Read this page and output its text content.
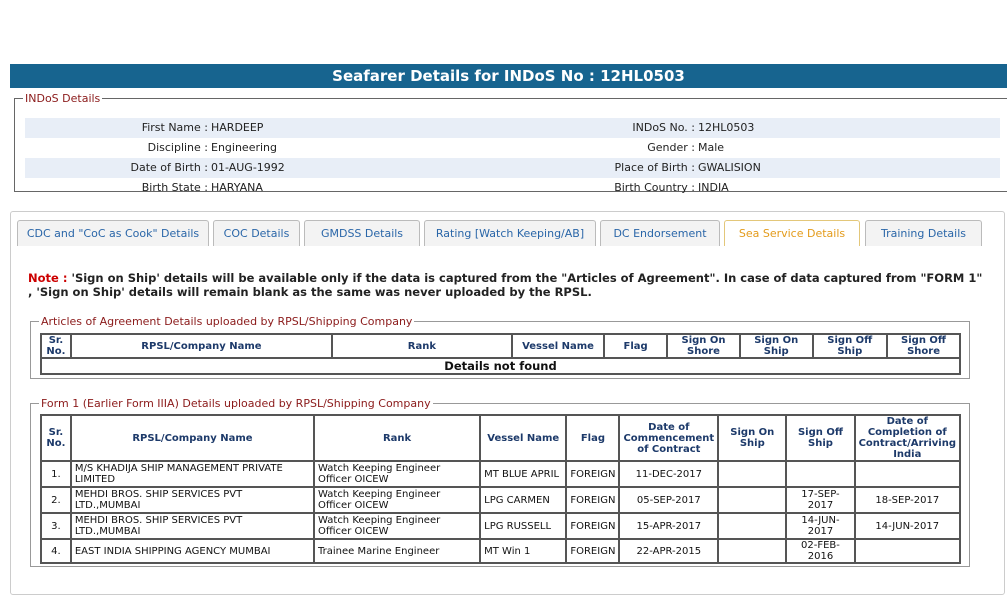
Seafarer Details for INDoS No : 12HL0503
INDoS Details
First Name : HARDEEP	INDoS No. : 12HL0503
Discipline : Engineering	Gender : Male
Date of Birth : 01-AUG-1992	Place of Birth : GWALISION
Birth State : HARYANA	Birth Country : INDIA
CDC and "CoC as Cook" Details	COC Details	GMDSS Details	Rating [Watch Keeping/AB]	DC Endorsement	Sea Service Details	Training Details
Note : 'Sign on Ship' details will be available only if the data is captured from the "Articles of Agreement". In case of data captured from "FORM 1" , 'Sign on Ship' details will remain blank as the same was never uploaded by the RPSL.
Articles of Agreement Details uploaded by RPSL/Shipping Company
Sr. No.	RPSL/Company Name	Rank	Vessel Name	Flag	Sign On Shore	Sign On Ship	Sign Off Ship	Sign Off Shore
Details not found
Form 1 (Earlier Form IIIA) Details uploaded by RPSL/Shipping Company
Sr. No.	RPSL/Company Name	Rank	Vessel Name	Flag	Date of Commencement of Contract	Sign On Ship	Sign Off Ship	Date of Completion of Contract/Arriving India
1.	M/S KHADIJA SHIP MANAGEMENT PRIVATE LIMITED	Watch Keeping Engineer Officer OICEW	MT BLUE APRIL	FOREIGN	11-DEC-2017			
2.	MEHDI BROS. SHIP SERVICES PVT LTD.,MUMBAI	Watch Keeping Engineer Officer OICEW	LPG CARMEN	FOREIGN	05-SEP-2017		17-SEP-2017	18-SEP-2017
3.	MEHDI BROS. SHIP SERVICES PVT LTD.,MUMBAI	Watch Keeping Engineer Officer OICEW	LPG RUSSELL	FOREIGN	15-APR-2017		14-JUN-2017	14-JUN-2017
4.	EAST INDIA SHIPPING AGENCY MUMBAI	Trainee Marine Engineer	MT Win 1	FOREIGN	22-APR-2015		02-FEB-2016	
